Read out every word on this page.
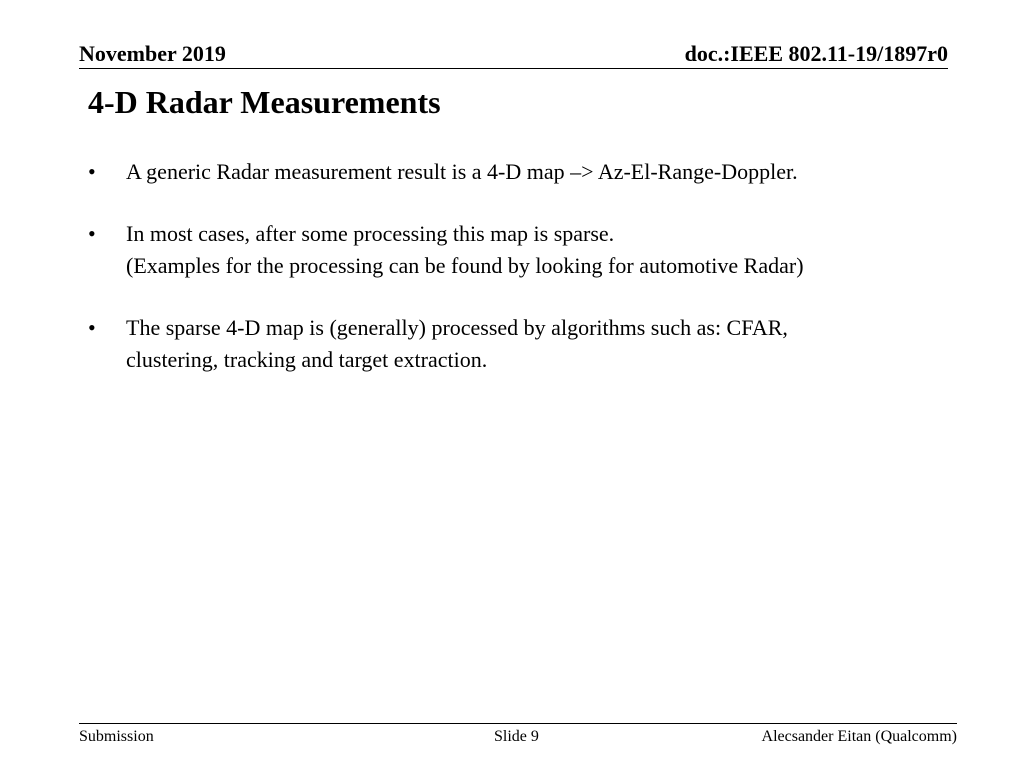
November 2019	doc.:IEEE 802.11-19/1897r0
4-D Radar Measurements
•	A generic Radar measurement result is a 4-D map –> Az-El-Range-Doppler.
•	In most cases, after some processing this map is sparse.
(Examples for the processing can be found by looking for automotive Radar)
•	The sparse 4-D map is (generally) processed by algorithms such as: CFAR,
clustering, tracking and target extraction.
Submission	Slide 9	Alecsander Eitan (Qualcomm)
